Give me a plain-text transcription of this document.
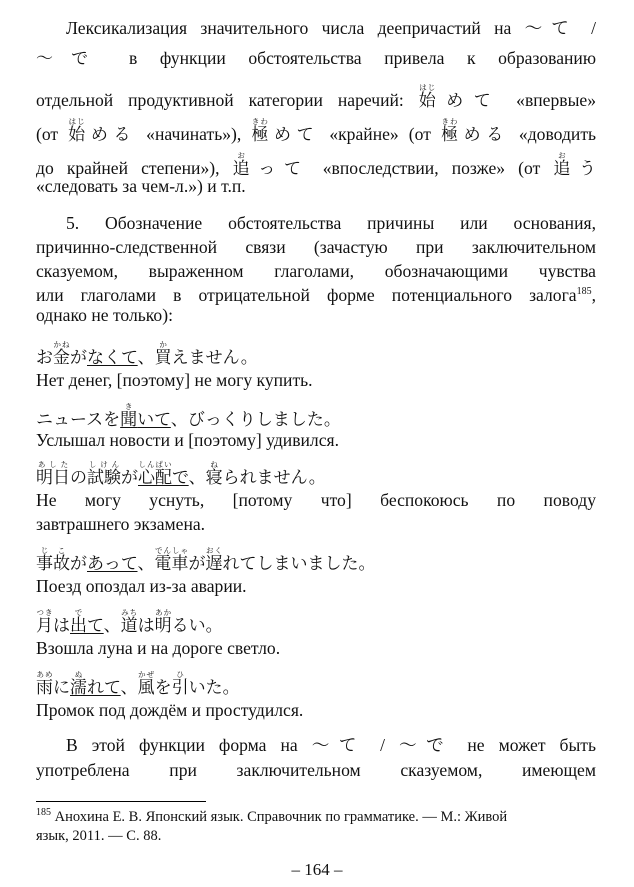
Лексикализация значительного числа деепричастий на 〜て /
〜で в функции обстоятельства привела к образованию
отдельной продуктивной категории наречий: 始はじめて «впервые»
(от 始はじめる «начинать»), 極きわめて «крайне» (от 極きわめる «доводить
до крайней степени»), 追おって «впоследствии, позже» (от 追おう
«следовать за чем-л.») и т.п.
5. Обозначение обстоятельства причины или основания,
причинно-следственной связи (зачастую при заключительном
сказуемом, выраженном глаголами, обозначающими чувства
или глаголами в отрицательной форме потенциального залога$^{185}$,
однако не только):
お金かねがなくて、買かえません。
Нет денег, [поэтому] не могу купить.
ニュースを聞きいて、びっくりしました。
Услышал новости и [поэтому] удивился.
明日あしたの試験しけんが心配しんぱいで、寝ねられません。
Не могу уснуть, [потому что] беспокоюсь по поводу
завтрашнего экзамена.
事故じこがあって、電車でんしゃが遅おくれてしまいました。
Поезд опоздал из-за аварии.
月つきは出でて、道みちは明あかるい。
Взошла луна и на дороге светло.
雨あめに濡ぬれて、風かぜを引ひいた。
Промок под дождём и простудился.
В этой функции форма на 〜て / 〜で не может быть
употреблена при заключительном сказуемом, имеющем
$^{185}$ Анохина Е. В. Японский язык. Справочник по грамматике. — М.: Живой
язык, 2011. — С. 88.
– 164 –
